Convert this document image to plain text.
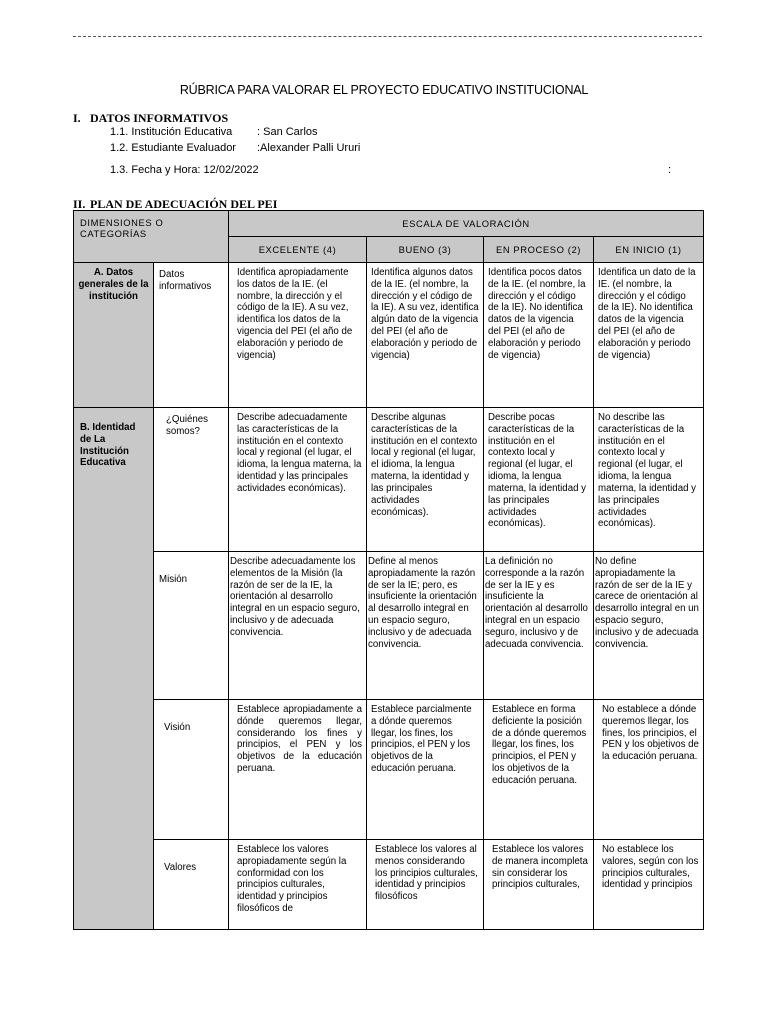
RÚBRICA PARA VALORAR EL PROYECTO EDUCATIVO INSTITUCIONAL
I. DATOS INFORMATIVOS
1.1. Institución Educativa : San Carlos
1.2. Estudiante Evaluador :Alexander Palli Ururi
1.3. Fecha y Hora: 12/02/2022	:
II. PLAN DE ADECUACIÓN DEL PEI
DIMENSIONES O CATEGORÍAS		ESCALA DE VALORACIÓN			
		EXCELENTE (4)	BUENO (3)	EN PROCESO (2)	EN INICIO (1)
A. Datos generales de la institución	Datos informativos	Identifica apropiadamente los datos de la IE. (el nombre, la dirección y el código de la IE). A su vez, identifica los datos de la vigencia del PEI (el año de elaboración y periodo de vigencia)	Identifica algunos datos de la IE. (el nombre, la dirección y el código de la IE). A su vez, identifica algún dato de la vigencia del PEI (el año de elaboración y periodo de vigencia)	Identifica pocos datos de la IE. (el nombre, la dirección y el código de la IE). No identifica datos de la vigencia del PEI (el año de elaboración y periodo de vigencia)	Identifica un dato de la IE. (el nombre, la dirección y el código de la IE). No identifica datos de la vigencia del PEI (el año de elaboración y periodo de vigencia)
B. Identidad de La Institución Educativa	¿Quiénes somos?	Describe adecuadamente las características de la institución en el contexto local y regional (el lugar, el idioma, la lengua materna, la identidad y las principales actividades económicas).	Describe algunas características de la institución en el contexto local y regional (el lugar, el idioma, la lengua materna, la identidad y las principales actividades económicas).	Describe pocas características de la institución en el contexto local y regional (el lugar, el idioma, la lengua materna, la identidad y las principales actividades económicas).	No describe las características de la institución en el contexto local y regional (el lugar, el idioma, la lengua materna, la identidad y las principales actividades económicas).
	Misión	Describe adecuadamente los elementos de la Misión (la razón de ser de la IE, la orientación al desarrollo integral en un espacio seguro, inclusivo y de adecuada convivencia.	Define al menos apropiadamente la razón de ser la IE; pero, es insuficiente la orientación al desarrollo integral en un espacio seguro, inclusivo y de adecuada convivencia.	La definición no corresponde a la razón de ser la IE y es insuficiente la orientación al desarrollo integral en un espacio seguro, inclusivo y de adecuada convivencia.	No define apropiadamente la razón de ser de la IE y carece de orientación al desarrollo integral en un espacio seguro, inclusivo y de adecuada convivencia.
	Visión	Establece apropiadamente a dónde queremos llegar, considerando los fines y principios, el PEN y los objetivos de la educación peruana.	Establece parcialmente a dónde queremos llegar, los fines, los principios, el PEN y los objetivos de la educación peruana.	Establece en forma deficiente la posición de a dónde queremos llegar, los fines, los principios, el PEN y los objetivos de la educación peruana.	No establece a dónde queremos llegar, los fines, los principios, el PEN y los objetivos de la educación peruana.
	Valores	Establece los valores apropiadamente según la conformidad con los principios culturales, identidad y principios filosóficos de	Establece los valores al menos considerando los principios culturales, identidad y principios filosóficos	Establece los valores de manera incompleta sin considerar los principios culturales,	No establece los valores, según con los principios culturales, identidad y principios
